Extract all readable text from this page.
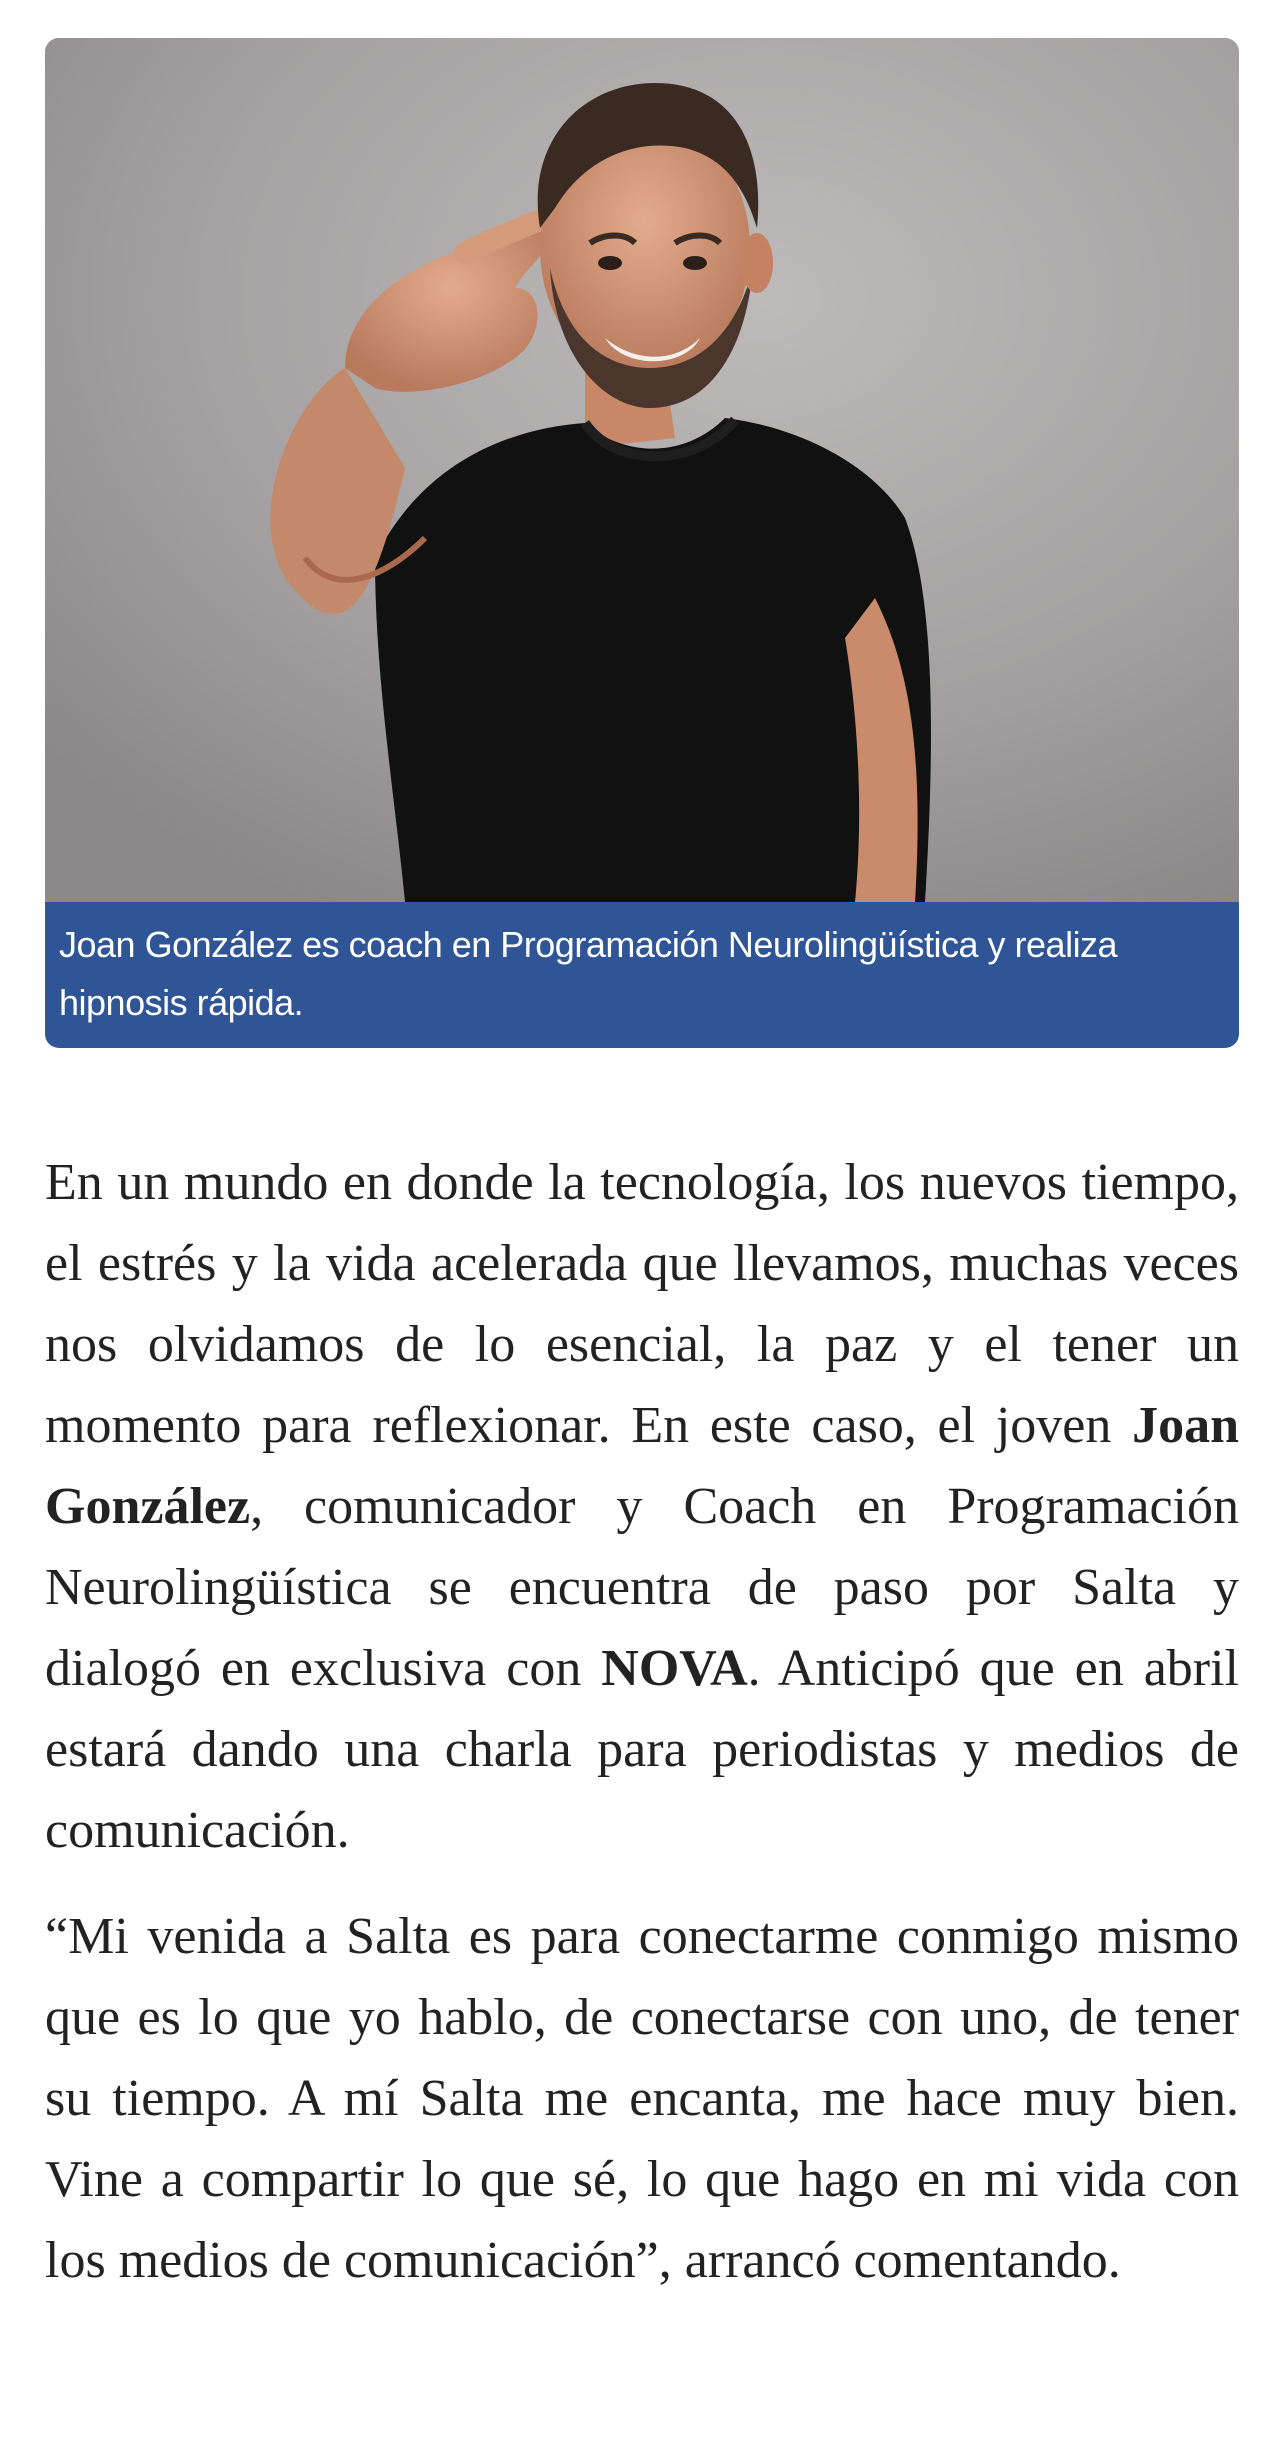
Joan González es coach en Programación Neurolingüística y realiza hipnosis rápida.

En un mundo en donde la tecnología, los nuevos tiempo, el estrés y la vida acelerada que llevamos, muchas veces nos olvidamos de lo esencial, la paz y el tener un momento para reflexionar. En este caso, el joven Joan González, comunicador y Coach en Programación Neurolingüística se encuentra de paso por Salta y dialogó en exclusiva con NOVA. Anticipó que en abril estará dando una charla para periodistas y medios de comunicación.

“Mi venida a Salta es para conectarme conmigo mismo que es lo que yo hablo, de conectarse con uno, de tener su tiempo. A mí Salta me encanta, me hace muy bien. Vine a compartir lo que sé, lo que hago en mi vida con los medios de comunicación”, arrancó comentando.
